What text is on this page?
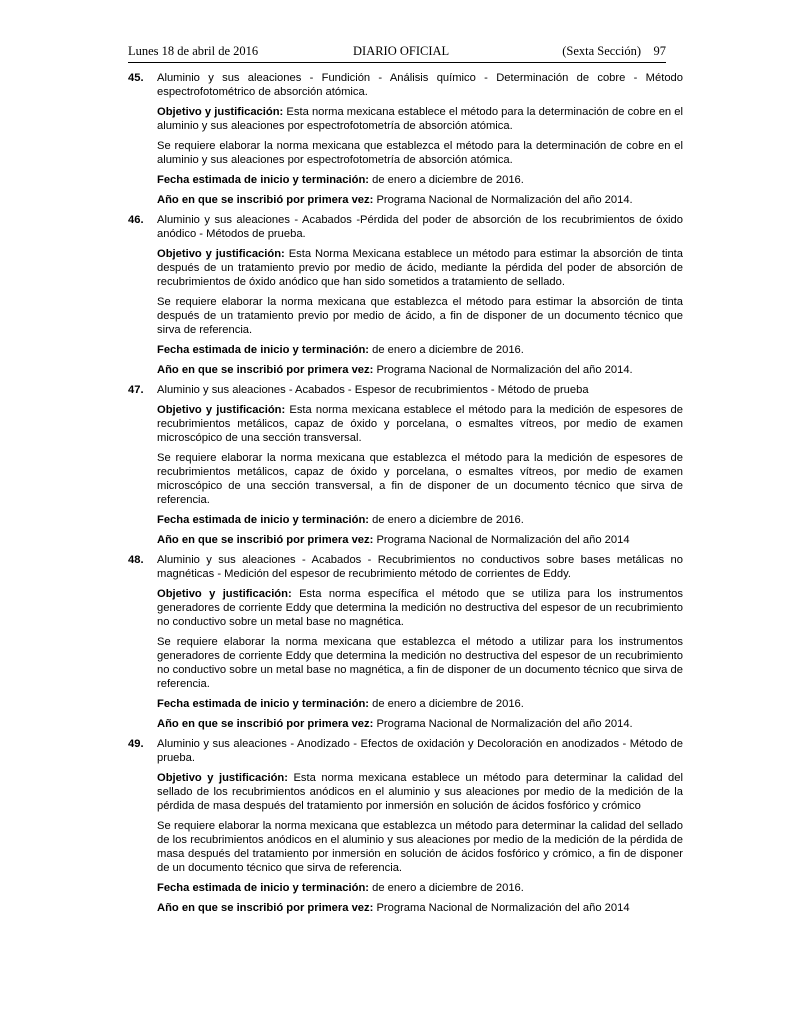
Lunes 18 de abril de 2016	DIARIO OFICIAL	(Sexta Sección) 97
45.	Aluminio y sus aleaciones - Fundición - Análisis químico - Determinación de cobre - Método espectrofotométrico de absorción atómica.
Objetivo y justificación: Esta norma mexicana establece el método para la determinación de cobre en el aluminio y sus aleaciones por espectrofotometría de absorción atómica.
Se requiere elaborar la norma mexicana que establezca el método para la determinación de cobre en el aluminio y sus aleaciones por espectrofotometría de absorción atómica.
Fecha estimada de inicio y terminación: de enero a diciembre de 2016.
Año en que se inscribió por primera vez: Programa Nacional de Normalización del año 2014.
46.	Aluminio y sus aleaciones - Acabados -Pérdida del poder de absorción de los recubrimientos de óxido anódico - Métodos de prueba.
Objetivo y justificación: Esta Norma Mexicana establece un método para estimar la absorción de tinta después de un tratamiento previo por medio de ácido, mediante la pérdida del poder de absorción de recubrimientos de óxido anódico que han sido sometidos a tratamiento de sellado.
Se requiere elaborar la norma mexicana que establezca el método para estimar la absorción de tinta después de un tratamiento previo por medio de ácido, a fin de disponer de un documento técnico que sirva de referencia.
Fecha estimada de inicio y terminación: de enero a diciembre de 2016.
Año en que se inscribió por primera vez: Programa Nacional de Normalización del año 2014.
47.	Aluminio y sus aleaciones - Acabados - Espesor de recubrimientos - Método de prueba
Objetivo y justificación: Esta norma mexicana establece el método para la medición de espesores de recubrimientos metálicos, capaz de óxido y porcelana, o esmaltes vítreos, por medio de examen microscópico de una sección transversal.
Se requiere elaborar la norma mexicana que establezca el método para la medición de espesores de recubrimientos metálicos, capaz de óxido y porcelana, o esmaltes vítreos, por medio de examen microscópico de una sección transversal, a fin de disponer de un documento técnico que sirva de referencia.
Fecha estimada de inicio y terminación: de enero a diciembre de 2016.
Año en que se inscribió por primera vez: Programa Nacional de Normalización del año 2014
48.	Aluminio y sus aleaciones - Acabados - Recubrimientos no conductivos sobre bases metálicas no magnéticas - Medición del espesor de recubrimiento método de corrientes de Eddy.
Objetivo y justificación: Esta norma específica el método que se utiliza para los instrumentos generadores de corriente Eddy que determina la medición no destructiva del espesor de un recubrimiento no conductivo sobre un metal base no magnética.
Se requiere elaborar la norma mexicana que establezca el método a utilizar para los instrumentos generadores de corriente Eddy que determina la medición no destructiva del espesor de un recubrimiento no conductivo sobre un metal base no magnética, a fin de disponer de un documento técnico que sirva de referencia.
Fecha estimada de inicio y terminación: de enero a diciembre de 2016.
Año en que se inscribió por primera vez: Programa Nacional de Normalización del año 2014.
49.	Aluminio y sus aleaciones - Anodizado - Efectos de oxidación y Decoloración en anodizados - Método de prueba.
Objetivo y justificación: Esta norma mexicana establece un método para determinar la calidad del sellado de los recubrimientos anódicos en el aluminio y sus aleaciones por medio de la medición de la pérdida de masa después del tratamiento por inmersión en solución de ácidos fosfórico y crómico
Se requiere elaborar la norma mexicana que establezca un método para determinar la calidad del sellado de los recubrimientos anódicos en el aluminio y sus aleaciones por medio de la medición de la pérdida de masa después del tratamiento por inmersión en solución de ácidos fosfórico y crómico, a fin de disponer de un documento técnico que sirva de referencia.
Fecha estimada de inicio y terminación: de enero a diciembre de 2016.
Año en que se inscribió por primera vez: Programa Nacional de Normalización del año 2014
